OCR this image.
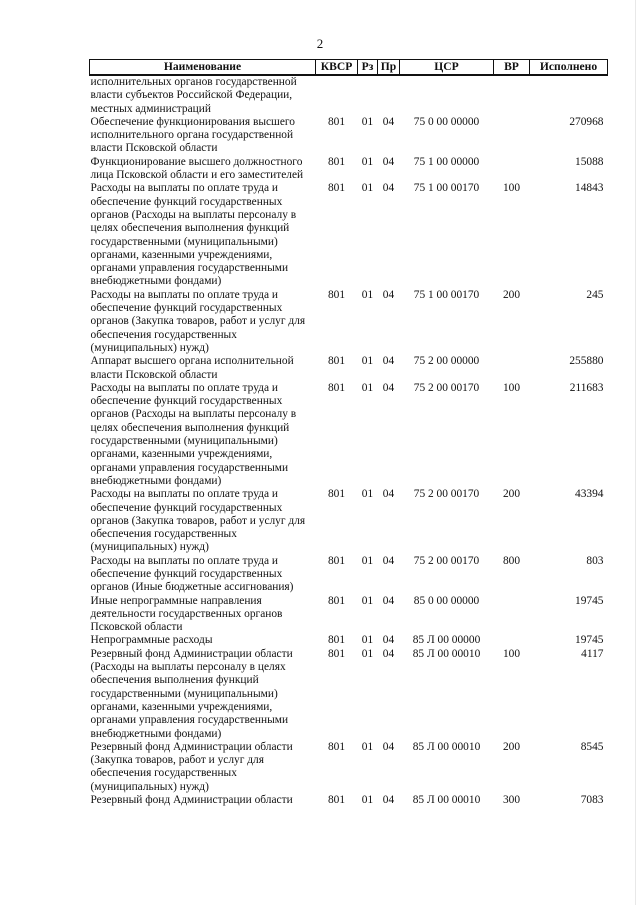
2
Наименование	КВСР	Рз	Пр	ЦСР	ВР	Исполнено
исполнительных органов государственной власти субъектов Российской Федерации, местных администраций						
Обеспечение функционирования высшего исполнительного органа государственной власти Псковской области	801	01	04	75 0 00 00000		270968
Функционирование высшего должностного лица Псковской области и его заместителей	801	01	04	75 1 00 00000		15088
Расходы на выплаты по оплате труда и обеспечение функций государственных органов (Расходы на выплаты персоналу в целях обеспечения выполнения функций государственными (муниципальными) органами, казенными учреждениями, органами управления государственными внебюджетными фондами)	801	01	04	75 1 00 00170	100	14843
Расходы на выплаты по оплате труда и обеспечение функций государственных органов (Закупка товаров, работ и услуг для обеспечения государственных (муниципальных) нужд)	801	01	04	75 1 00 00170	200	245
Аппарат высшего органа исполнительной власти Псковской области	801	01	04	75 2 00 00000		255880
Расходы на выплаты по оплате труда и обеспечение функций государственных органов (Расходы на выплаты персоналу в целях обеспечения выполнения функций государственными (муниципальными) органами, казенными учреждениями, органами управления государственными внебюджетными фондами)	801	01	04	75 2 00 00170	100	211683
Расходы на выплаты по оплате труда и обеспечение функций государственных органов (Закупка товаров, работ и услуг для обеспечения государственных (муниципальных) нужд)	801	01	04	75 2 00 00170	200	43394
Расходы на выплаты по оплате труда и обеспечение функций государственных органов (Иные бюджетные ассигнования)	801	01	04	75 2 00 00170	800	803
Иные непрограммные направления деятельности государственных органов Псковской области	801	01	04	85 0 00 00000		19745
Непрограммные расходы	801	01	04	85 Л 00 00000		19745
Резервный фонд Администрации области (Расходы на выплаты персоналу в целях обеспечения выполнения функций государственными (муниципальными) органами, казенными учреждениями, органами управления государственными внебюджетными фондами)	801	01	04	85 Л 00 00010	100	4117
Резервный фонд Администрации области (Закупка товаров, работ и услуг для обеспечения государственных (муниципальных) нужд)	801	01	04	85 Л 00 00010	200	8545
Резервный фонд Администрации области	801	01	04	85 Л 00 00010	300	7083
